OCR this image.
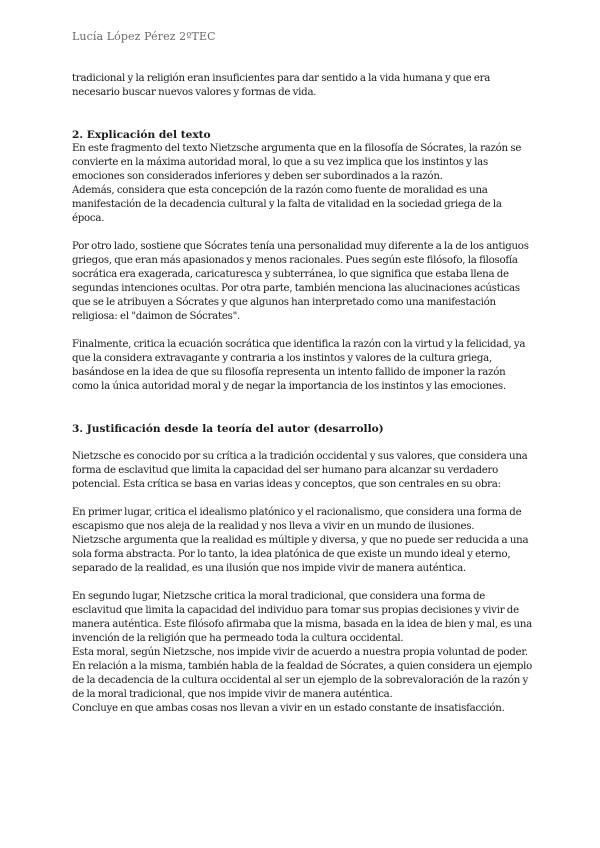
Lucía López Pérez 2ºTEC

tradicional y la religión eran insuficientes para dar sentido a la vida humana y que era necesario buscar nuevos valores y formas de vida.

2. Explicación del texto

En este fragmento del texto Nietzsche argumenta que en la filosofía de Sócrates, la razón se convierte en la máxima autoridad moral, lo que a su vez implica que los instintos y las emociones son considerados inferiores y deben ser subordinados a la razón.

Además, considera que esta concepción de la razón como fuente de moralidad es una manifestación de la decadencia cultural y la falta de vitalidad en la sociedad griega de la época.

Por otro lado, sostiene que Sócrates tenía una personalidad muy diferente a la de los antiguos griegos, que eran más apasionados y menos racionales. Pues según este filósofo, la filosofía socrática era exagerada, caricaturesca y subterránea, lo que significa que estaba llena de segundas intenciones ocultas. Por otra parte, también menciona las alucinaciones acústicas que se le atribuyen a Sócrates y que algunos han interpretado como una manifestación religiosa: el "daimon de Sócrates".

Finalmente, critica la ecuación socrática que identifica la razón con la virtud y la felicidad, ya que la considera extravagante y contraria a los instintos y valores de la cultura griega, basándose en la idea de que su filosofía representa un intento fallido de imponer la razón como la única autoridad moral y de negar la importancia de los instintos y las emociones.

3. Justificación desde la teoría del autor (desarrollo)

Nietzsche es conocido por su crítica a la tradición occidental y sus valores, que considera una forma de esclavitud que limita la capacidad del ser humano para alcanzar su verdadero potencial. Esta crítica se basa en varias ideas y conceptos, que son centrales en su obra:

En primer lugar, critica el idealismo platónico y el racionalismo, que considera una forma de escapismo que nos aleja de la realidad y nos lleva a vivir en un mundo de ilusiones.

Nietzsche argumenta que la realidad es múltiple y diversa, y que no puede ser reducida a una sola forma abstracta. Por lo tanto, la idea platónica de que existe un mundo ideal y eterno, separado de la realidad, es una ilusión que nos impide vivir de manera auténtica.

En segundo lugar, Nietzsche critica la moral tradicional, que considera una forma de esclavitud que limita la capacidad del individuo para tomar sus propias decisiones y vivir de manera auténtica. Este filósofo afirmaba que la misma, basada en la idea de bien y mal, es una invención de la religión que ha permeado toda la cultura occidental.

Esta moral, según Nietzsche, nos impide vivir de acuerdo a nuestra propia voluntad de poder.

En relación a la misma, también habla de la fealdad de Sócrates, a quien considera un ejemplo de la decadencia de la cultura occidental al ser un ejemplo de la sobrevaloración de la razón y de la moral tradicional, que nos impide vivir de manera auténtica.

Concluye en que ambas cosas nos llevan a vivir en un estado constante de insatisfacción.
